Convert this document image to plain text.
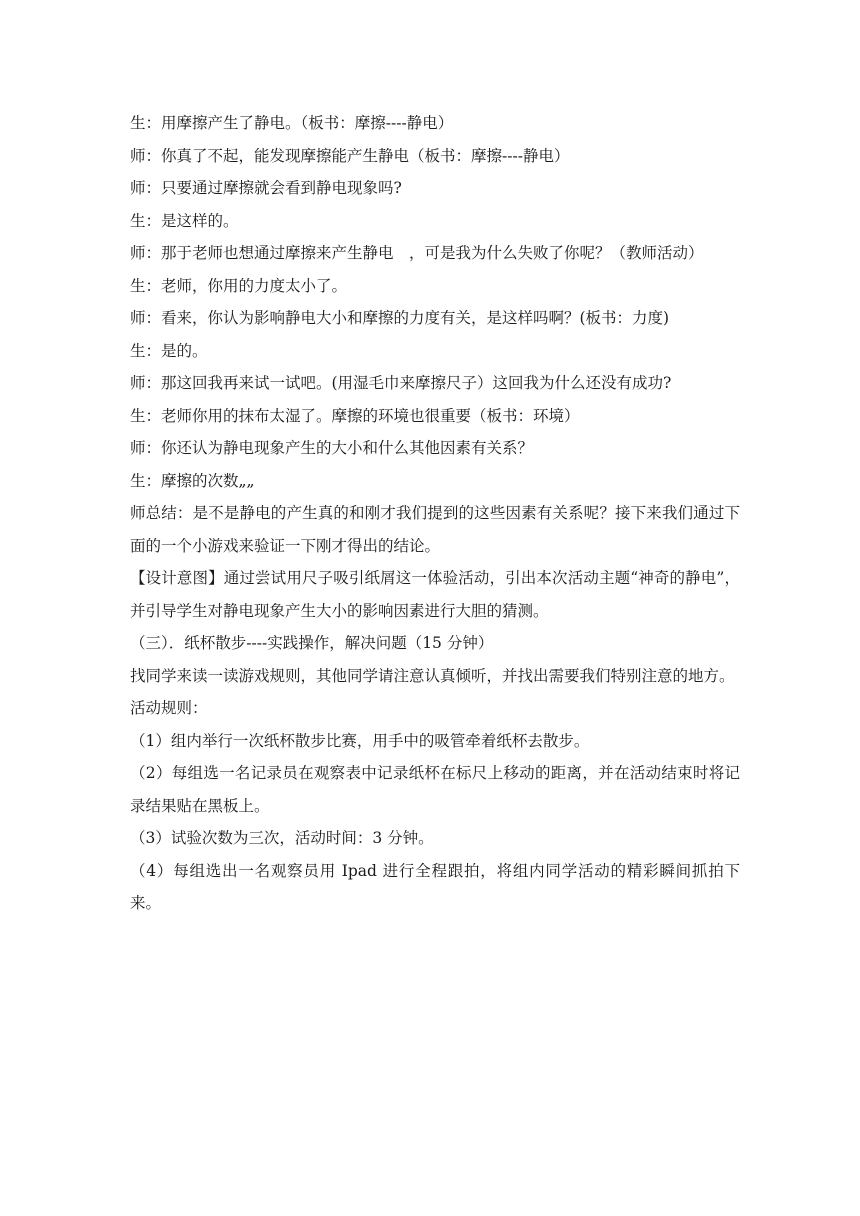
生：用摩擦产生了静电。（板书：摩擦----静电）

师：你真了不起，能发现摩擦能产生静电（板书：摩擦----静电）

师：只要通过摩擦就会看到静电现象吗?

生：是这样的。

师：那于老师也想通过摩擦来产生静电　，可是我为什么失败了你呢？（教师活动）

生：老师，你用的力度太小了。

师：看来，你认为影响静电大小和摩擦的力度有关，是这样吗啊？(板书：力度)

生：是的。

师：那这回我再来试一试吧。(用湿毛巾来摩擦尺子）这回我为什么还没有成功?

生：老师你用的抹布太湿了。摩擦的环境也很重要（板书：环境）

师：你还认为静电现象产生的大小和什么其他因素有关系？

生：摩擦的次数„„

师总结：是不是静电的产生真的和刚才我们提到的这些因素有关系呢？接下来我们通过下面的一个小游戏来验证一下刚才得出的结论。

【设计意图】通过尝试用尺子吸引纸屑这一体验活动，引出本次活动主题“神奇的静电”，并引导学生对静电现象产生大小的影响因素进行大胆的猜测。

（三）．纸杯散步----实践操作，解决问题（15 分钟）

找同学来读一读游戏规则，其他同学请注意认真倾听，并找出需要我们特别注意的地方。

活动规则：

（1）组内举行一次纸杯散步比赛，用手中的吸管牵着纸杯去散步。

（2）每组选一名记录员在观察表中记录纸杯在标尺上移动的距离，并在活动结束时将记录结果贴在黑板上。

（3）试验次数为三次，活动时间：3 分钟。

（4）每组选出一名观察员用 Ipad 进行全程跟拍，将组内同学活动的精彩瞬间抓拍下来。
